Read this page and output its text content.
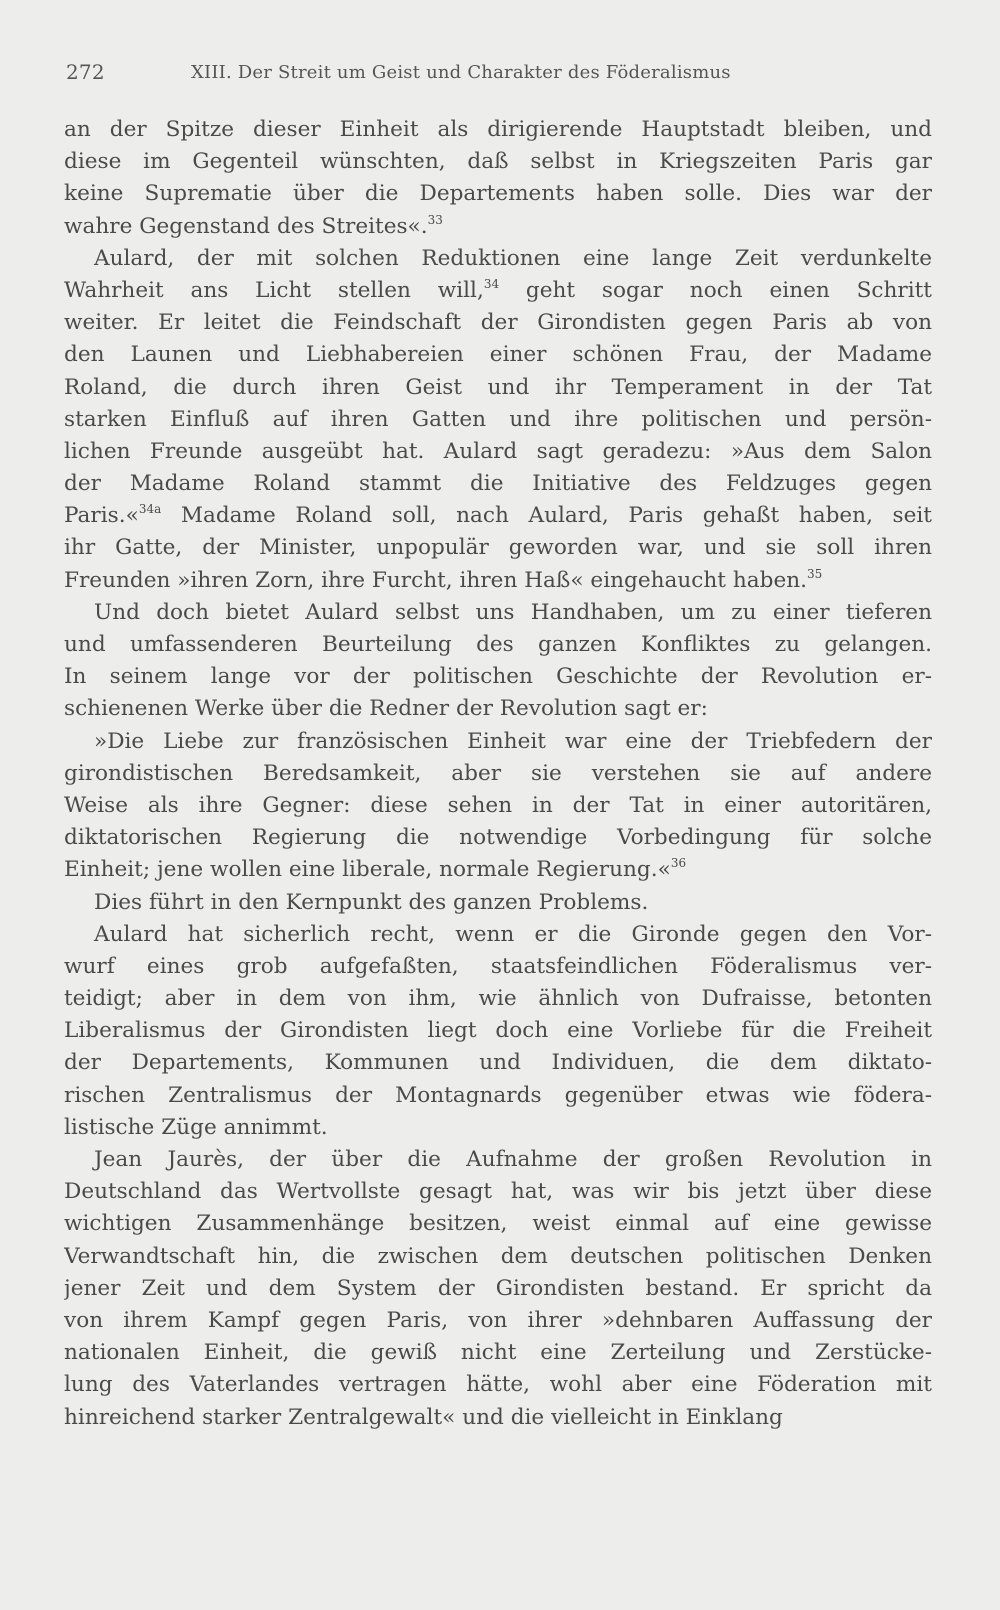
272	XIII. Der Streit um Geist und Charakter des Föderalismus
an der Spitze dieser Einheit als dirigierende Hauptstadt bleiben, und
diese im Gegenteil wünschten, daß selbst in Kriegszeiten Paris gar
keine Suprematie über die Departements haben solle. Dies war der
wahre Gegenstand des Streites«.$^{33}$
Aulard, der mit solchen Reduktionen eine lange Zeit verdunkelte
Wahrheit ans Licht stellen will,$^{34}$ geht sogar noch einen Schritt
weiter. Er leitet die Feindschaft der Girondisten gegen Paris ab von
den Launen und Liebhabereien einer schönen Frau, der Madame
Roland, die durch ihren Geist und ihr Temperament in der Tat
starken Einfluß auf ihren Gatten und ihre politischen und persön-
lichen Freunde ausgeübt hat. Aulard sagt geradezu: »Aus dem Salon
der Madame Roland stammt die Initiative des Feldzuges gegen
Paris.«$^{34a}$ Madame Roland soll, nach Aulard, Paris gehaßt haben, seit
ihr Gatte, der Minister, unpopulär geworden war, und sie soll ihren
Freunden »ihren Zorn, ihre Furcht, ihren Haß« eingehaucht haben.$^{35}$
Und doch bietet Aulard selbst uns Handhaben, um zu einer tieferen
und umfassenderen Beurteilung des ganzen Konfliktes zu gelangen.
In seinem lange vor der politischen Geschichte der Revolution er-
schienenen Werke über die Redner der Revolution sagt er:
»Die Liebe zur französischen Einheit war eine der Triebfedern der
girondistischen Beredsamkeit, aber sie verstehen sie auf andere
Weise als ihre Gegner: diese sehen in der Tat in einer autoritären,
diktatorischen Regierung die notwendige Vorbedingung für solche
Einheit; jene wollen eine liberale, normale Regierung.«$^{36}$
Dies führt in den Kernpunkt des ganzen Problems.
Aulard hat sicherlich recht, wenn er die Gironde gegen den Vor-
wurf eines grob aufgefaßten, staatsfeindlichen Föderalismus ver-
teidigt; aber in dem von ihm, wie ähnlich von Dufraisse, betonten
Liberalismus der Girondisten liegt doch eine Vorliebe für die Freiheit
der Departements, Kommunen und Individuen, die dem diktato-
rischen Zentralismus der Montagnards gegenüber etwas wie födera-
listische Züge annimmt.
Jean Jaurès, der über die Aufnahme der großen Revolution in
Deutschland das Wertvollste gesagt hat, was wir bis jetzt über diese
wichtigen Zusammenhänge besitzen, weist einmal auf eine gewisse
Verwandtschaft hin, die zwischen dem deutschen politischen Denken
jener Zeit und dem System der Girondisten bestand. Er spricht da
von ihrem Kampf gegen Paris, von ihrer »dehnbaren Auffassung der
nationalen Einheit, die gewiß nicht eine Zerteilung und Zerstücke-
lung des Vaterlandes vertragen hätte, wohl aber eine Föderation mit
hinreichend starker Zentralgewalt« und die vielleicht in Einklang
